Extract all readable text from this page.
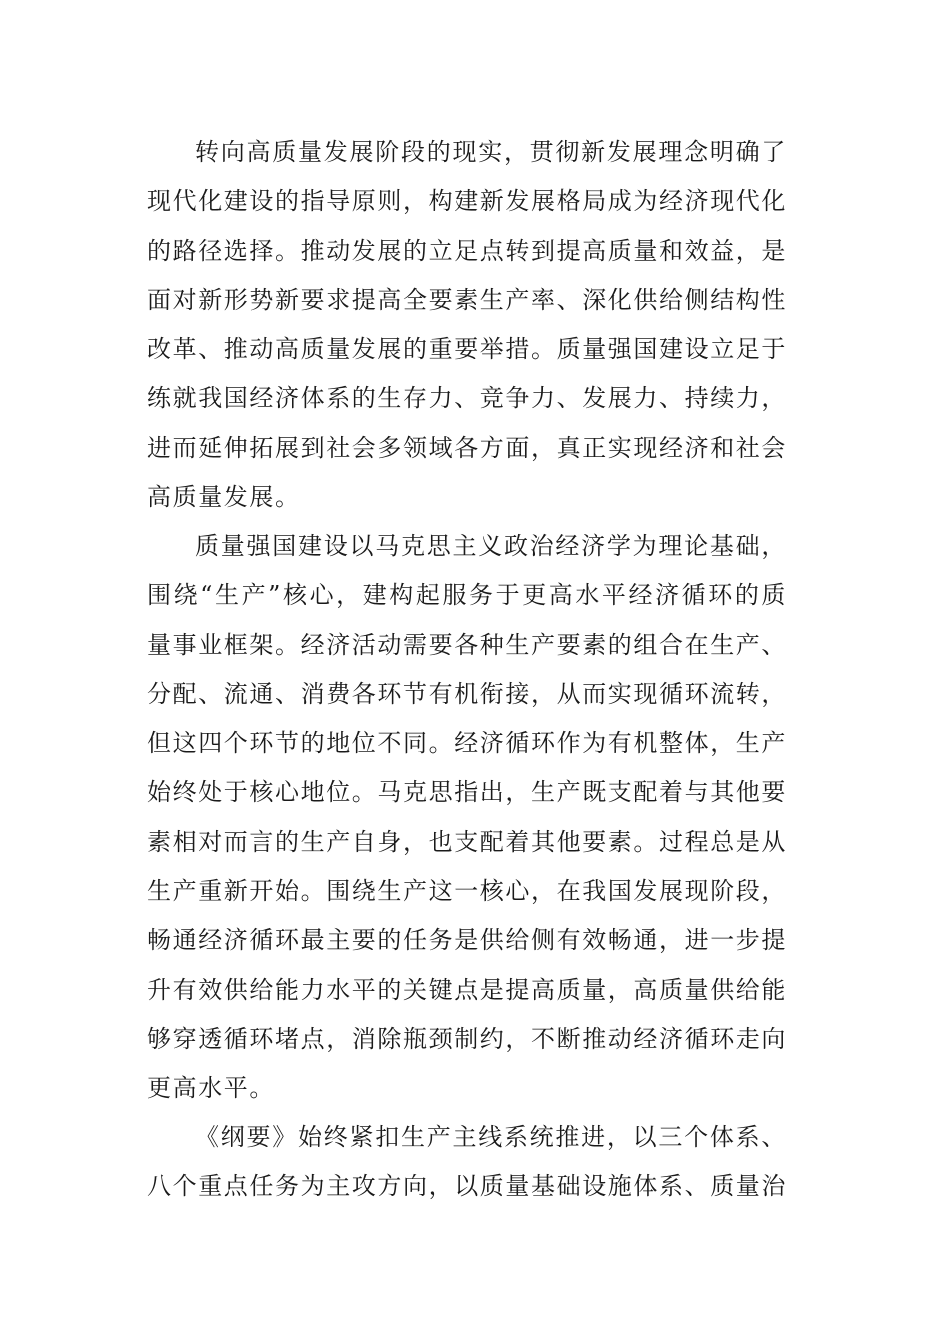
转向高质量发展阶段的现实，贯彻新发展理念明确了现代化建设的指导原则，构建新发展格局成为经济现代化的路径选择。推动发展的立足点转到提高质量和效益，是面对新形势新要求提高全要素生产率、深化供给侧结构性改革、推动高质量发展的重要举措。质量强国建设立足于练就我国经济体系的生存力、竞争力、发展力、持续力，进而延伸拓展到社会多领域各方面，真正实现经济和社会高质量发展。

质量强国建设以马克思主义政治经济学为理论基础，围绕“生产”核心，建构起服务于更高水平经济循环的质量事业框架。经济活动需要各种生产要素的组合在生产、分配、流通、消费各环节有机衔接，从而实现循环流转，但这四个环节的地位不同。经济循环作为有机整体，生产始终处于核心地位。马克思指出，生产既支配着与其他要素相对而言的生产自身，也支配着其他要素。过程总是从生产重新开始。围绕生产这一核心，在我国发展现阶段，畅通经济循环最主要的任务是供给侧有效畅通，进一步提升有效供给能力水平的关键点是提高质量，高质量供给能够穿透循环堵点，消除瓶颈制约，不断推动经济循环走向更高水平。

《纲要》始终紧扣生产主线系统推进，以三个体系、八个重点任务为主攻方向，以质量基础设施体系、质量治
